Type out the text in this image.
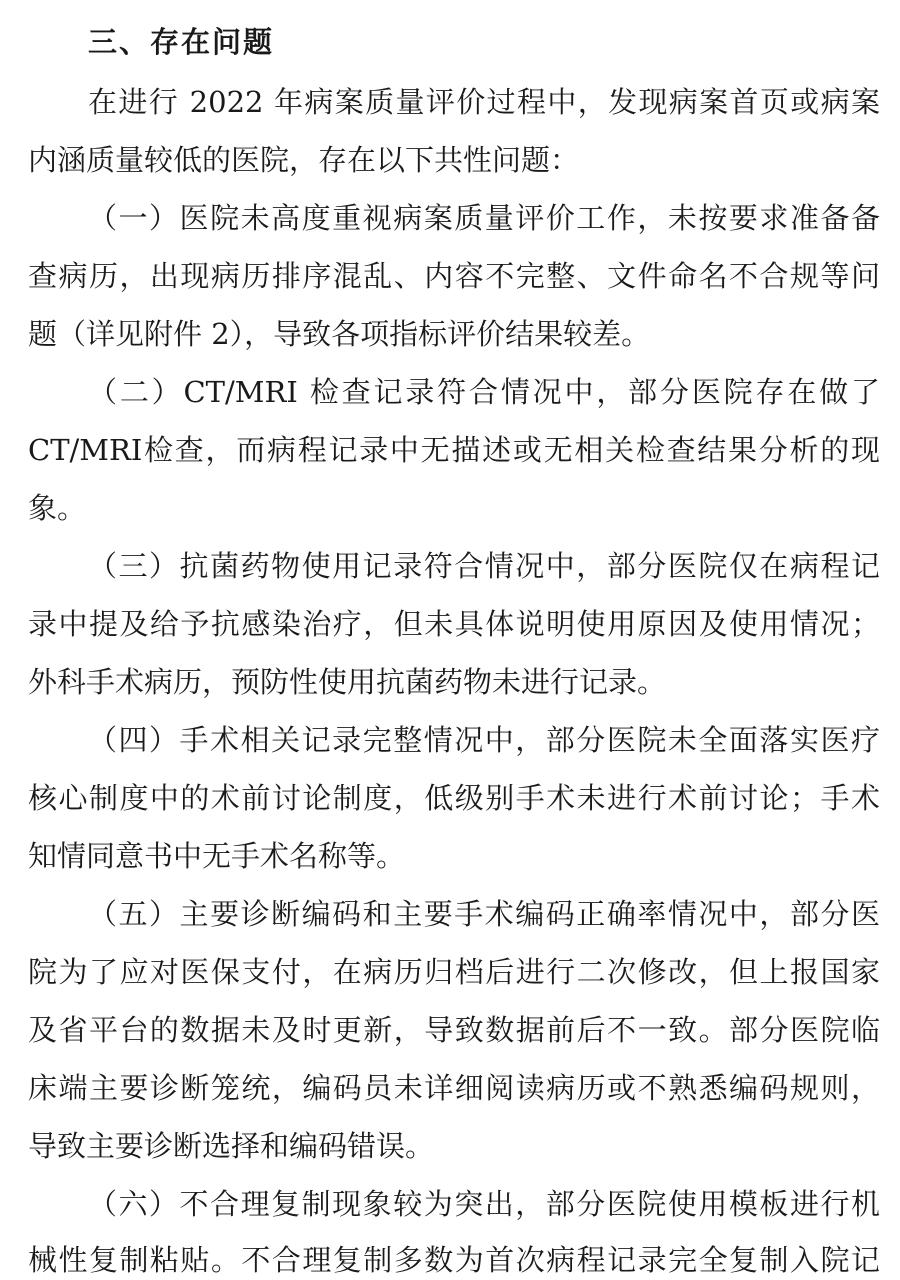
三、存在问题
在进行 2022 年病案质量评价过程中，发现病案首页或病案
内涵质量较低的医院，存在以下共性问题：
（一）医院未高度重视病案质量评价工作，未按要求准备备
查病历，出现病历排序混乱、内容不完整、文件命名不合规等问
题（详见附件 2），导致各项指标评价结果较差。
（二）CT/MRI 检查记录符合情况中，部分医院存在做了
CT/MRI检查，而病程记录中无描述或无相关检查结果分析的现
象。
（三）抗菌药物使用记录符合情况中，部分医院仅在病程记
录中提及给予抗感染治疗，但未具体说明使用原因及使用情况；
外科手术病历，预防性使用抗菌药物未进行记录。
（四）手术相关记录完整情况中，部分医院未全面落实医疗
核心制度中的术前讨论制度，低级别手术未进行术前讨论；手术
知情同意书中无手术名称等。
（五）主要诊断编码和主要手术编码正确率情况中，部分医
院为了应对医保支付，在病历归档后进行二次修改，但上报国家
及省平台的数据未及时更新，导致数据前后不一致。部分医院临
床端主要诊断笼统，编码员未详细阅读病历或不熟悉编码规则，
导致主要诊断选择和编码错误。
（六）不合理复制现象较为突出，部分医院使用模板进行机
械性复制粘贴。不合理复制多数为首次病程记录完全复制入院记
